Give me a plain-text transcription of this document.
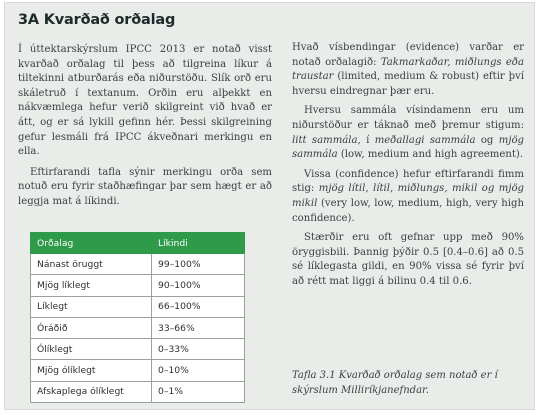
3A Kvarðað orðalag

Í úttektarskýrslum IPCC 2013 er notað visst kvarðað orðalag til þess að tilgreina líkur á tiltekinni atburðarás eða niðurstöðu. Slík orð eru skáletruð í textanum. Orðin eru alþekkt en nákvæmlega hefur verið skilgreint við hvað er átt, og er sá lykill gefinn hér. Þessi skilgreining gefur lesmáli frá IPCC ákveðnari merkingu en ella.

Eftirfarandi tafla sýnir merkingu orða sem notuð eru fyrir staðhæfingar þar sem hægt er að leggja mat á líkindi.

Orðalag	Líkindi
Nánast öruggt	99–100%
Mjög líklegt	90–100%
Líklegt	66–100%
Óráðið	33–66%
Ólíklegt	0–33%
Mjög ólíklegt	0–10%
Afskaplega ólíklegt	0–1%

Hvað vísbendingar (evidence) varðar er notað orðalagið: Takmarkaðar, miðlungs eða traustar (limited, medium & robust) eftir því hversu eindregnar þær eru.

Hversu sammála vísindamenn eru um niðurstöður er táknað með þremur stigum: litt sammála, í meðallagi sammála og mjög sammála (low, medium and high agreement).

Vissa (confidence) hefur eftirfarandi fimm stig: mjög lítil, lítil, miðlungs, mikil og mjög mikil (very low, low, medium, high, very high confidence).

Stærðir eru oft gefnar upp með 90% öryggisbili. Þannig þýðir 0.5 [0.4–0.6] að 0.5 sé líklegasta gildi, en 90% vissa sé fyrir því að rétt mat liggi á bilinu 0.4 til 0.6.

Tafla 3.1 Kvarðað orðalag sem notað er í skýrslum Milliríkjanefndar.
